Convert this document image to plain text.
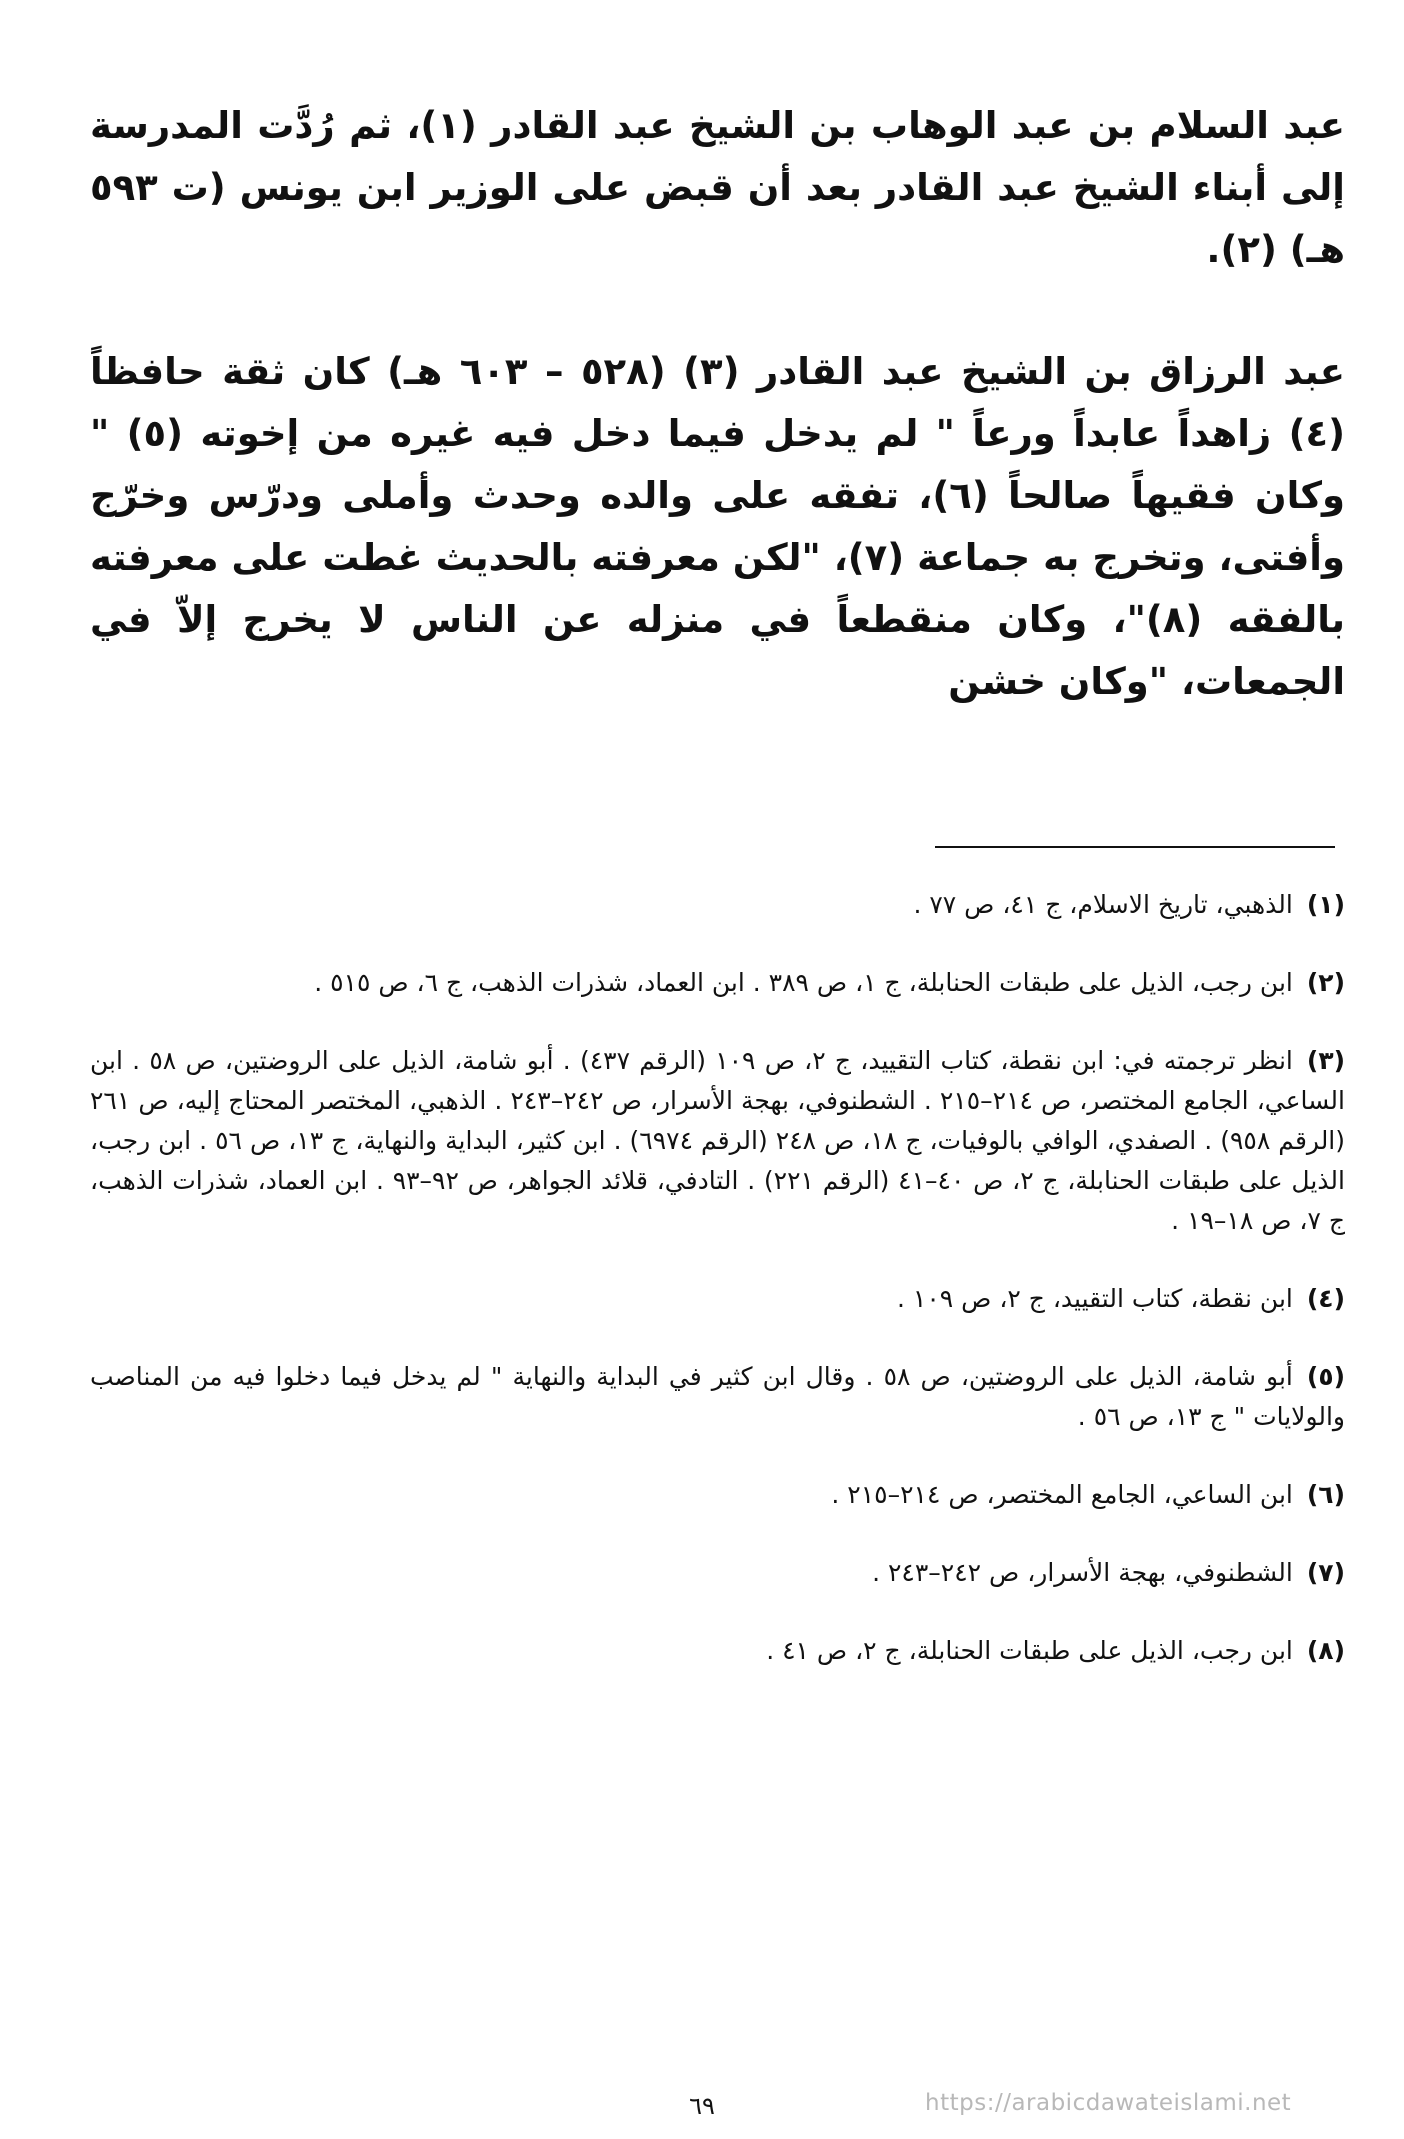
عبد السلام بن عبد الوهاب بن الشيخ عبد القادر (١)، ثم رُدَّت المدرسة إلى أبناء الشيخ عبد القادر بعد أن قبض على الوزير ابن يونس (ت ٥٩٣ هـ) (٢).

عبد الرزاق بن الشيخ عبد القادر (٣) (٥٢٨ – ٦٠٣ هـ) كان ثقة حافظاً (٤) زاهداً عابداً ورعاً " لم يدخل فيما دخل فيه غيره من إخوته (٥) " وكان فقيهاً صالحاً (٦)، تفقه على والده وحدث وأملى ودرّس وخرّج وأفتى، وتخرج به جماعة (٧)، "لكن معرفته بالحديث غطت على معرفته بالفقه (٨)"، وكان منقطعاً في منزله عن الناس لا يخرج إلاّ في الجمعات، "وكان خشن

(١)الذهبي، تاريخ الاسلام، ج ٤١، ص ٧٧ .
(٢)ابن رجب، الذيل على طبقات الحنابلة، ج ١، ص ٣٨٩ . ابن العماد، شذرات الذهب، ج ٦، ص ٥١٥ .
(٣)انظر ترجمته في: ابن نقطة، كتاب التقييد، ج ٢، ص ١٠٩ (الرقم ٤٣٧) . أبو شامة، الذيل على الروضتين، ص ٥٨ . ابن الساعي، الجامع المختصر، ص ٢١٤–٢١٥ . الشطنوفي، بهجة الأسرار، ص ٢٤٢–٢٤٣ . الذهبي، المختصر المحتاج إليه، ص ٢٦١ (الرقم ٩٥٨) . الصفدي، الوافي بالوفيات، ج ١٨، ص ٢٤٨ (الرقم ٦٩٧٤) . ابن كثير، البداية والنهاية، ج ١٣، ص ٥٦ . ابن رجب، الذيل على طبقات الحنابلة، ج ٢، ص ٤٠–٤١ (الرقم ٢٢١) . التادفي، قلائد الجواهر، ص ٩٢–٩٣ . ابن العماد، شذرات الذهب، ج ٧، ص ١٨–١٩ .
(٤)ابن نقطة، كتاب التقييد، ج ٢، ص ١٠٩ .
(٥)أبو شامة، الذيل على الروضتين، ص ٥٨ . وقال ابن كثير في البداية والنهاية " لم يدخل فيما دخلوا فيه من المناصب والولايات " ج ١٣، ص ٥٦ .
(٦)ابن الساعي، الجامع المختصر، ص ٢١٤–٢١٥ .
(٧)الشطنوفي، بهجة الأسرار، ص ٢٤٢–٢٤٣ .
(٨)ابن رجب، الذيل على طبقات الحنابلة، ج ٢، ص ٤١ .
https://arabicdawateislami.net
٦٩
